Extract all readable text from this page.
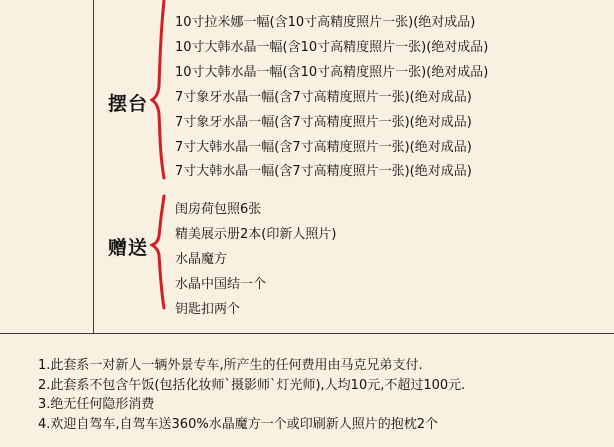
摆台
赠送
10寸拉米娜一幅(含10寸高精度照片一张)(绝对成品)
10寸大韩水晶一幅(含10寸高精度照片一张)(绝对成品)
10寸大韩水晶一幅(含10寸高精度照片一张)(绝对成品)
7寸象牙水晶一幅(含7寸高精度照片一张)(绝对成品)
7寸象牙水晶一幅(含7寸高精度照片一张)(绝对成品)
7寸大韩水晶一幅(含7寸高精度照片一张)(绝对成品)
7寸大韩水晶一幅(含7寸高精度照片一张)(绝对成品)
闺房荷包照6张
精美展示册2本(印新人照片)
水晶魔方
水晶中国结一个
钥匙扣两个
1.此套系一对新人一辆外景专车,所产生的任何费用由马克兄弟支付.
2.此套系不包含午饭(包括化妆师`摄影师`灯光师),人均10元,不超过100元.
3.绝无任何隐形消费
4.欢迎自驾车,自驾车送360%水晶魔方一个或印刷新人照片的抱枕2个
